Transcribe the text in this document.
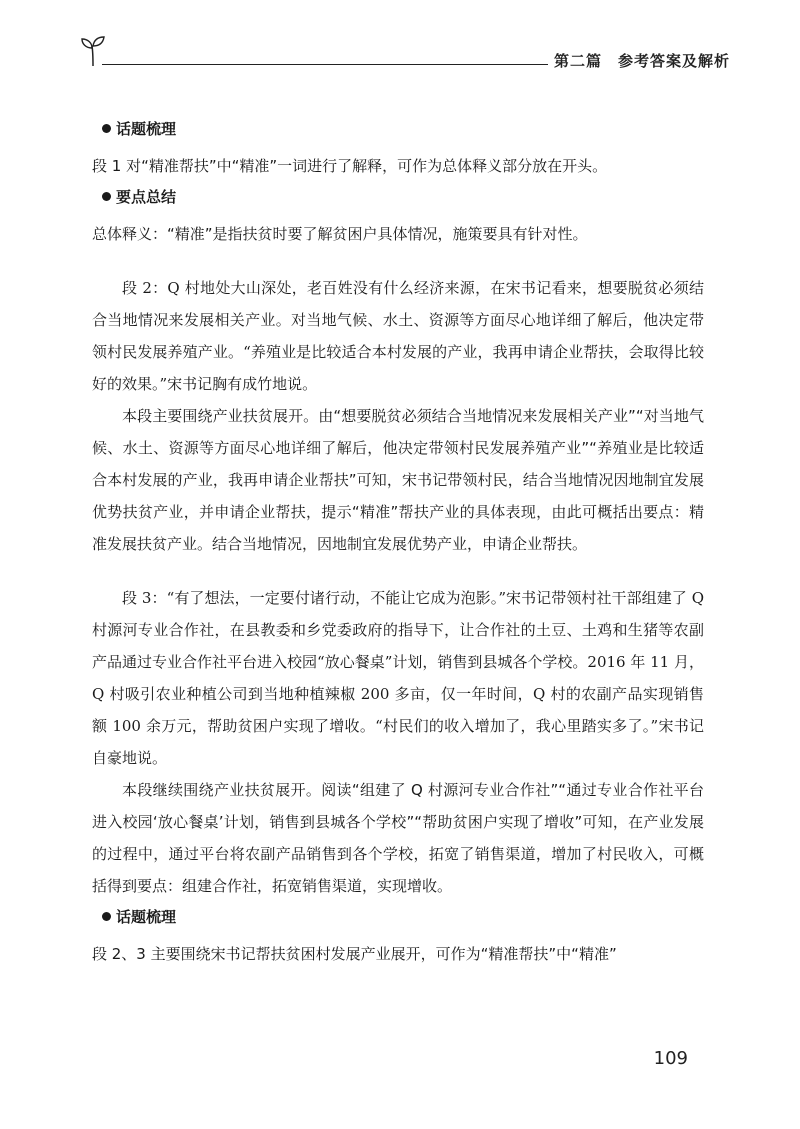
第二篇　参考答案及解析
话题梳理

段 1 对“精准帮扶”中“精准”一词进行了解释，可作为总体释义部分放在开头。

要点总结

总体释义：“精准”是指扶贫时要了解贫困户具体情况，施策要具有针对性。

段 2：Q 村地处大山深处，老百姓没有什么经济来源，在宋书记看来，想要脱贫必须结合当地情况来发展相关产业。对当地气候、水土、资源等方面尽心地详细了解后，他决定带领村民发展养殖产业。“养殖业是比较适合本村发展的产业，我再申请企业帮扶，会取得比较好的效果。”宋书记胸有成竹地说。

本段主要围绕产业扶贫展开。由“想要脱贫必须结合当地情况来发展相关产业”“对当地气候、水土、资源等方面尽心地详细了解后，他决定带领村民发展养殖产业”“养殖业是比较适合本村发展的产业，我再申请企业帮扶”可知，宋书记带领村民，结合当地情况因地制宜发展优势扶贫产业，并申请企业帮扶，提示“精准”帮扶产业的具体表现，由此可概括出要点：精准发展扶贫产业。结合当地情况，因地制宜发展优势产业，申请企业帮扶。

段 3：“有了想法，一定要付诸行动，不能让它成为泡影。”宋书记带领村社干部组建了 Q 村源河专业合作社，在县教委和乡党委政府的指导下，让合作社的土豆、土鸡和生猪等农副产品通过专业合作社平台进入校园“放心餐桌”计划，销售到县城各个学校。2016 年 11 月，Q 村吸引农业种植公司到当地种植辣椒 200 多亩，仅一年时间，Q 村的农副产品实现销售额 100 余万元，帮助贫困户实现了增收。“村民们的收入增加了，我心里踏实多了。”宋书记自豪地说。

本段继续围绕产业扶贫展开。阅读“组建了 Q 村源河专业合作社”“通过专业合作社平台进入校园‘放心餐桌’计划，销售到县城各个学校”“帮助贫困户实现了增收”可知，在产业发展的过程中，通过平台将农副产品销售到各个学校，拓宽了销售渠道，增加了村民收入，可概括得到要点：组建合作社，拓宽销售渠道，实现增收。

话题梳理

段 2、3 主要围绕宋书记帮扶贫困村发展产业展开，可作为“精准帮扶”中“精准”

109
